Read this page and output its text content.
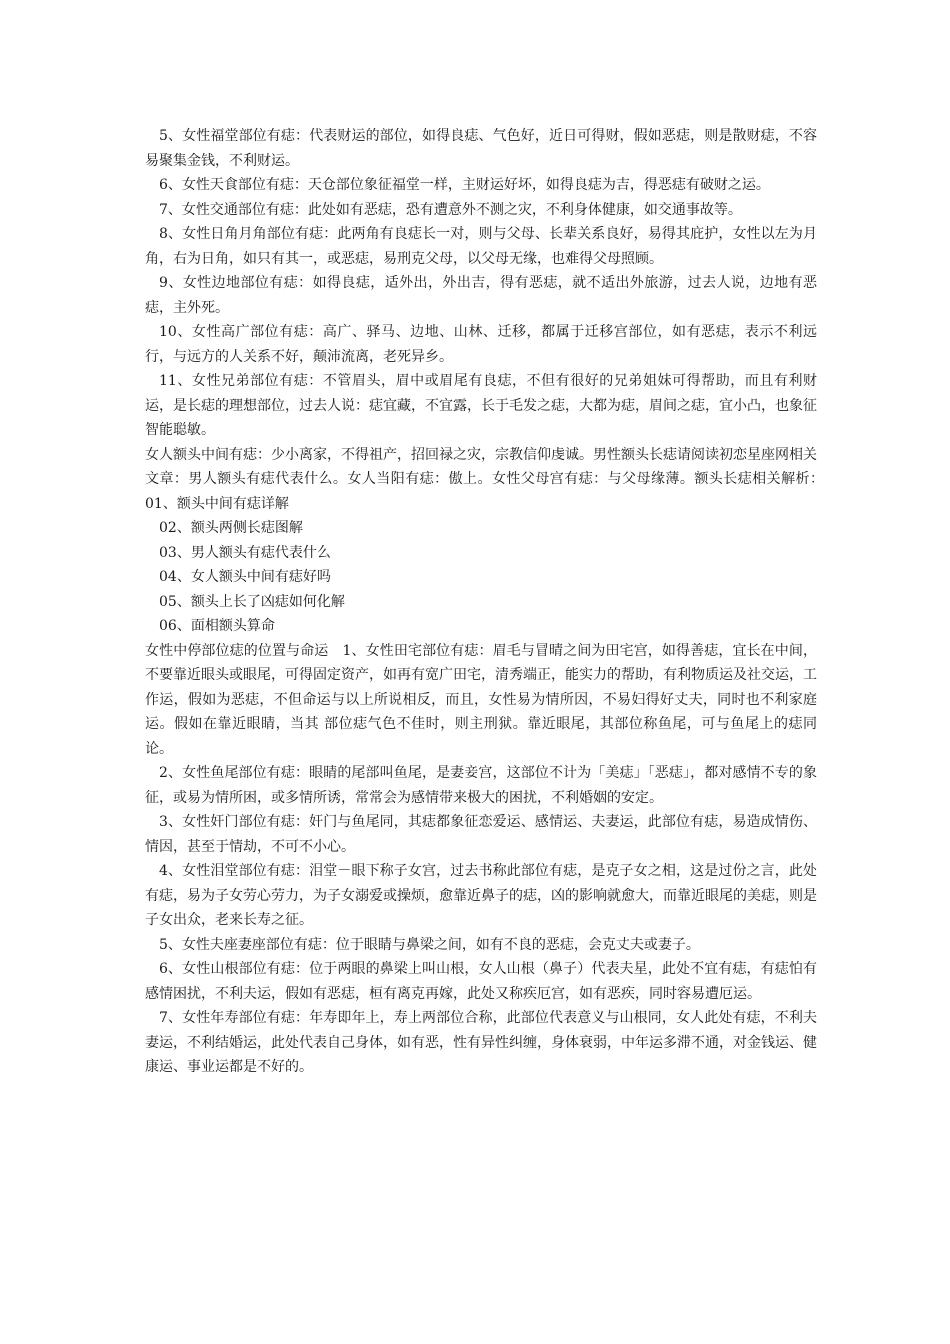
5、女性福堂部位有痣：代表财运的部位，如得良痣、气色好，近日可得财，假如恶痣，则是散财痣，不容易聚集金钱，不利财运。

6、女性天食部位有痣：天仓部位象征福堂一样，主财运好坏，如得良痣为吉，得恶痣有破财之运。

7、女性交通部位有痣：此处如有恶痣，恐有遭意外不测之灾，不利身体健康，如交通事故等。

8、女性日角月角部位有痣：此两角有良痣长一对，则与父母、长辈关系良好，易得其庇护，女性以左为月角，右为日角，如只有其一，或恶痣，易刑克父母，以父母无缘，也难得父母照顾。

9、女性边地部位有痣：如得良痣，适外出，外出吉，得有恶痣，就不适出外旅游，过去人说，边地有恶痣，主外死。

10、女性高广部位有痣：高广、驿马、边地、山林、迁移，都属于迁移宫部位，如有恶痣，表示不利远行，与远方的人关系不好，颠沛流离，老死异乡。

11、女性兄弟部位有痣：不管眉头，眉中或眉尾有良痣，不但有很好的兄弟姐妹可得帮助，而且有利财运，是长痣的理想部位，过去人说：痣宜藏，不宜露，长于毛发之痣，大都为痣，眉间之痣，宜小凸，也象征智能聪敏。

女人额头中间有痣：少小离家，不得祖产，招回禄之灾，宗教信仰虔诚。男性额头长痣请阅读初恋星座网相关文章：男人额头有痣代表什么。女人当阳有痣：傲上。女性父母宫有痣：与父母缘薄。额头长痣相关解析：　 01、额头中间有痣详解

02、额头两侧长痣图解

03、男人额头有痣代表什么

04、女人额头中间有痣好吗

05、额头上长了凶痣如何化解

06、面相额头算命

女性中停部位痣的位置与命运　1、女性田宅部位有痣：眉毛与冒晴之间为田宅宫，如得善痣，宜长在中间，不要靠近眼头或眼尾，可得固定资产，如再有宽广田宅，清秀端正，能实力的帮助，有利物质运及社交运，工作运，假如为恶痣，不但命运与以上所说相反，而且，女性易为情所因，不易妇得好丈夫，同时也不利家庭运。假如在靠近眼睛，当其 部位痣气色不佳时，则主刑狱。靠近眼尾，其部位称鱼尾，可与鱼尾上的痣同论。

2、女性鱼尾部位有痣：眼睛的尾部叫鱼尾，是妻妾宫，这部位不计为「美痣」「恶痣」，都对感情不专的象征，或易为情所困，或多情所诱，常常会为感情带来极大的困扰，不利婚姻的安定。

3、女性奸门部位有痣：奸门与鱼尾同，其痣都象征恋爱运、感情运、夫妻运，此部位有痣，易造成情伤、情因，甚至于情劫，不可不小心。

4、女性泪堂部位有痣：泪堂－眼下称子女宫，过去书称此部位有痣，是克子女之相，这是过份之言，此处有痣，易为子女劳心劳力，为子女溺爱或操烦，愈靠近鼻子的痣，凶的影响就愈大，而靠近眼尾的美痣，则是子女出众，老来长寿之征。

5、女性夫座妻座部位有痣：位于眼睛与鼻梁之间，如有不良的恶痣，会克丈夫或妻子。

6、女性山根部位有痣：位于两眼的鼻梁上叫山根，女人山根（鼻子）代表夫星，此处不宜有痣，有痣怕有感情困扰，不利夫运，假如有恶痣，桓有离克再嫁，此处又称疾厄宫，如有恶疾，同时容易遭厄运。

7、女性年寿部位有痣：年寿即年上，寿上两部位合称，此部位代表意义与山根同，女人此处有痣，不利夫妻运，不利结婚运，此处代表自己身体，如有恶，性有异性纠缠，身体衰弱，中年运多滞不通，对金钱运、健康运、事业运都是不好的。
